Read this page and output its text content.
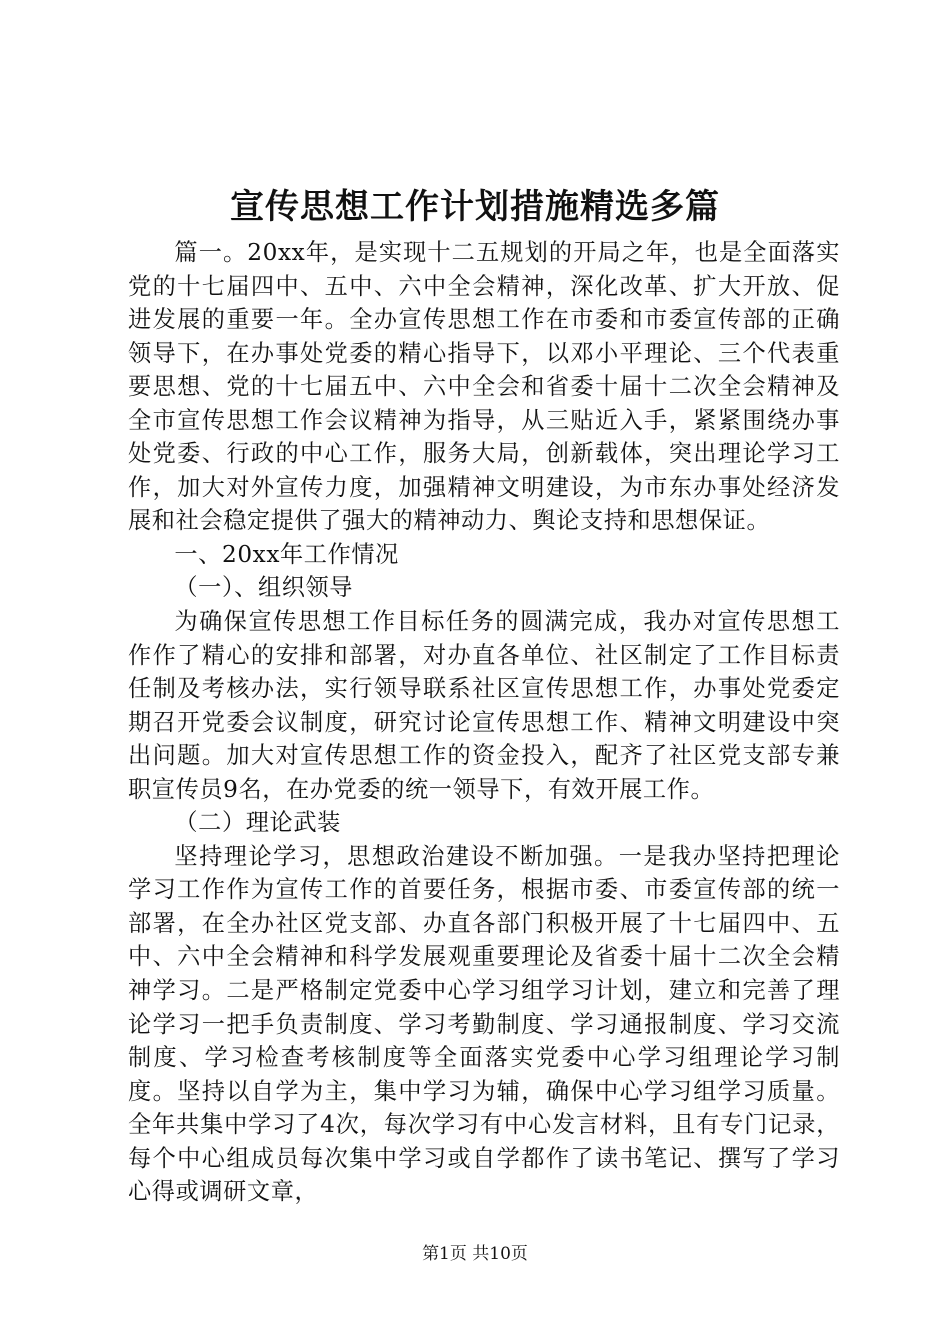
宣传思想工作计划措施精选多篇

篇一。20xx年，是实现十二五规划的开局之年，也是全面落实党的十七届四中、五中、六中全会精神，深化改革、扩大开放、促进发展的重要一年。全办宣传思想工作在市委和市委宣传部的正确领导下，在办事处党委的精心指导下，以邓小平理论、三个代表重要思想、党的十七届五中、六中全会和省委十届十二次全会精神及全市宣传思想工作会议精神为指导，从三贴近入手，紧紧围绕办事处党委、行政的中心工作，服务大局，创新载体，突出理论学习工作，加大对外宣传力度，加强精神文明建设，为市东办事处经济发展和社会稳定提供了强大的精神动力、舆论支持和思想保证。

一、20xx年工作情况

（一）、组织领导

为确保宣传思想工作目标任务的圆满完成，我办对宣传思想工作作了精心的安排和部署，对办直各单位、社区制定了工作目标责任制及考核办法，实行领导联系社区宣传思想工作，办事处党委定期召开党委会议制度，研究讨论宣传思想工作、精神文明建设中突出问题。加大对宣传思想工作的资金投入，配齐了社区党支部专兼职宣传员9名，在办党委的统一领导下，有效开展工作。

（二）理论武装

坚持理论学习，思想政治建设不断加强。一是我办坚持把理论学习工作作为宣传工作的首要任务，根据市委、市委宣传部的统一部署，在全办社区党支部、办直各部门积极开展了十七届四中、五中、六中全会精神和科学发展观重要理论及省委十届十二次全会精神学习。二是严格制定党委中心学习组学习计划，建立和完善了理论学习一把手负责制度、学习考勤制度、学习通报制度、学习交流制度、学习检查考核制度等全面落实党委中心学习组理论学习制度。坚持以自学为主，集中学习为辅，确保中心学习组学习质量。全年共集中学习了4次，每次学习有中心发言材料，且有专门记录，每个中心组成员每次集中学习或自学都作了读书笔记、撰写了学习心得或调研文章，

第1页 共10页
